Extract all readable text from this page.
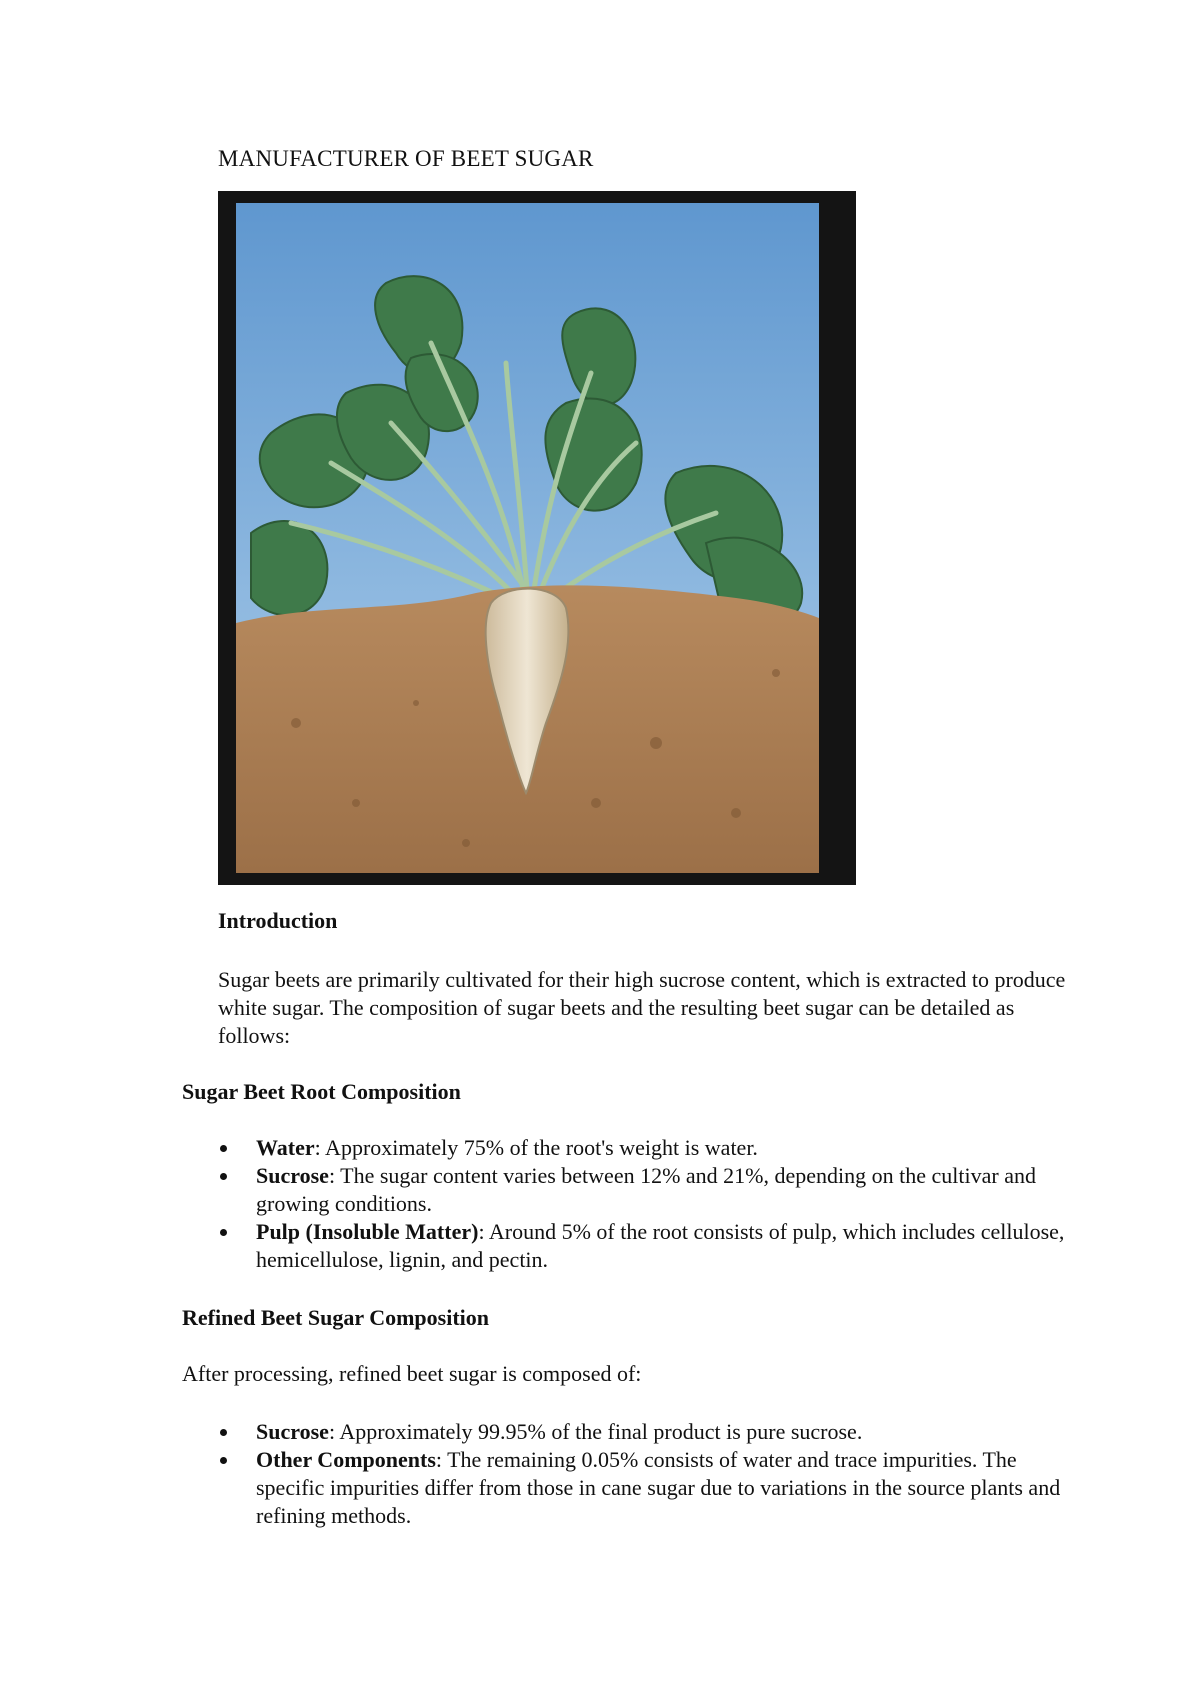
MANUFACTURER OF BEET SUGAR
Introduction
Sugar beets are primarily cultivated for their high sucrose content, which is extracted to produce white sugar. The composition of sugar beets and the resulting beet sugar can be detailed as follows:
Sugar Beet Root Composition
Water: Approximately 75% of the root's weight is water.
Sucrose: The sugar content varies between 12% and 21%, depending on the cultivar and growing conditions.
Pulp (Insoluble Matter): Around 5% of the root consists of pulp, which includes cellulose, hemicellulose, lignin, and pectin.
Refined Beet Sugar Composition
After processing, refined beet sugar is composed of:
Sucrose: Approximately 99.95% of the final product is pure sucrose.
Other Components: The remaining 0.05% consists of water and trace impurities. The specific impurities differ from those in cane sugar due to variations in the source plants and refining methods.
